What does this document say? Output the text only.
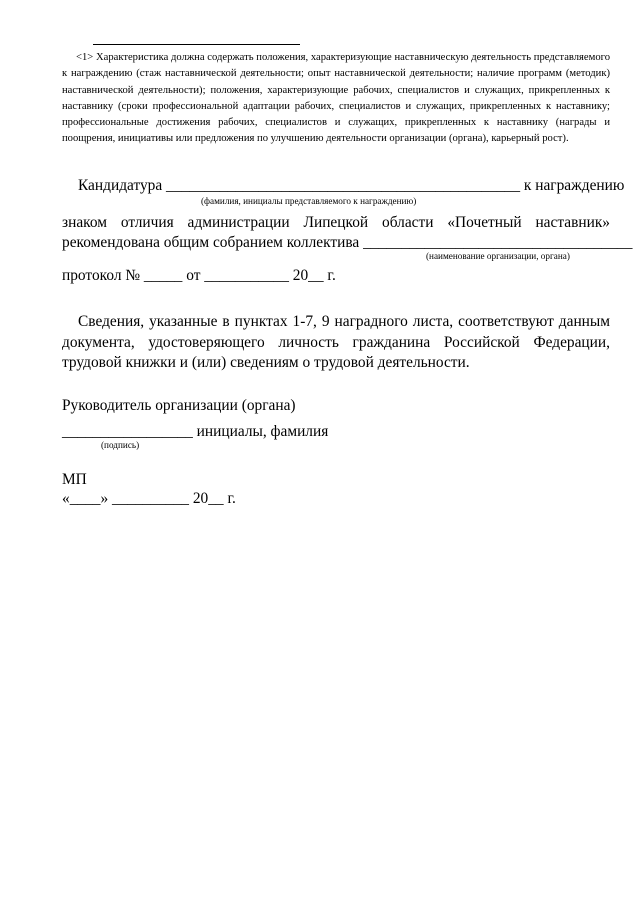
<1> Характеристика должна содержать положения, характеризующие наставническую деятельность представляемого к награждению (стаж наставнической деятельности; опыт наставнической деятельности; наличие программ (методик) наставнической деятельности); положения, характеризующие рабочих, специалистов и служащих, прикрепленных к наставнику (сроки профессиональной адаптации рабочих, специалистов и служащих, прикрепленных к наставнику; профессиональные достижения рабочих, специалистов и служащих, прикрепленных к наставнику (награды и поощрения, инициативы или предложения по улучшению деятельности организации (органа), карьерный рост).

Кандидатура ______________________________________________ к награждению

(фамилия, инициалы представляемого к награждению)

знаком отличия администрации Липецкой области «Почетный наставник»

рекомендована общим собранием коллектива ___________________________________

(наименование организации, органа)

протокол № _____ от ___________ 20__ г.

Сведения, указанные в пунктах 1-7, 9 наградного листа, соответствуют данным документа, удостоверяющего личность гражданина Российской Федерации, трудовой книжки и (или) сведениям о трудовой деятельности.

Руководитель организации (органа)

_________________ инициалы, фамилия

(подпись)

МП

«____» __________ 20__ г.
